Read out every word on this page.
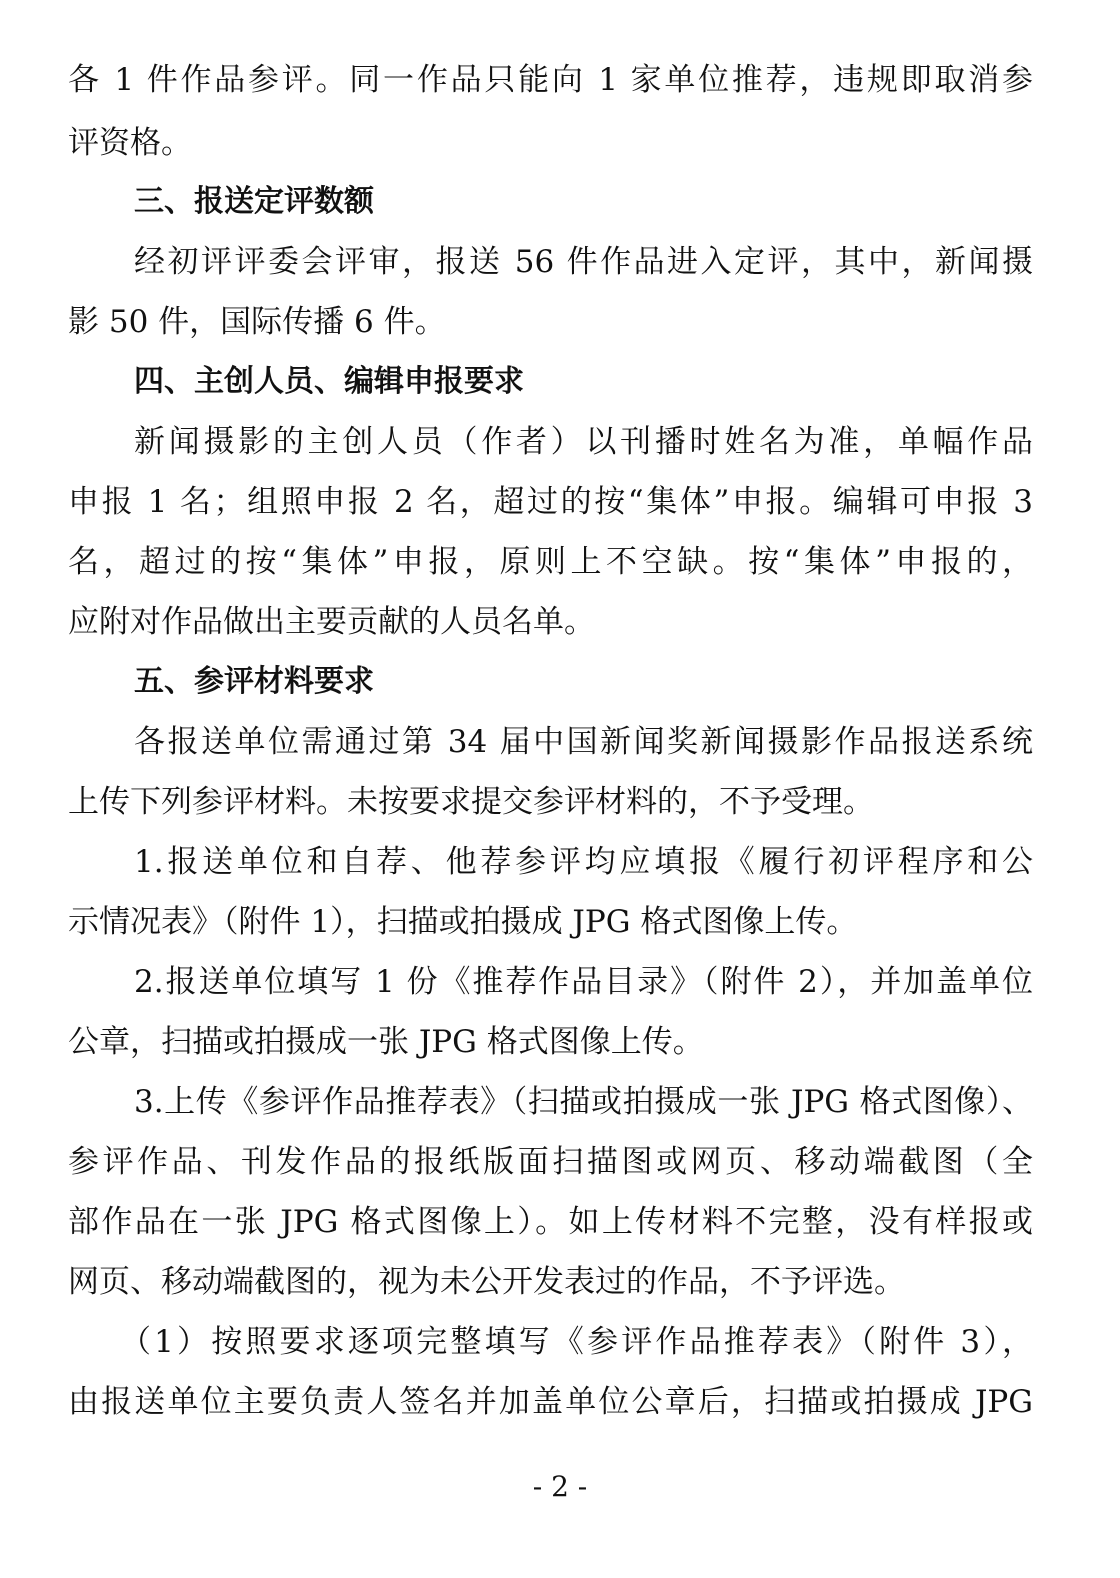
各 1 件作品参评。同一作品只能向 1 家单位推荐，违规即取消参
评资格。
三、报送定评数额
经初评评委会评审，报送 56 件作品进入定评，其中，新闻摄
影 50 件，国际传播 6 件。
四、主创人员、编辑申报要求
新闻摄影的主创人员（作者）以刊播时姓名为准，单幅作品
申报 1 名；组照申报 2 名，超过的按“集体”申报。编辑可申报 3
名，超过的按“集体”申报，原则上不空缺。按“集体”申报的，
应附对作品做出主要贡献的人员名单。
五、参评材料要求
各报送单位需通过第 34 届中国新闻奖新闻摄影作品报送系统
上传下列参评材料。未按要求提交参评材料的，不予受理。
1.报送单位和自荐、他荐参评均应填报《履行初评程序和公
示情况表》（附件 1），扫描或拍摄成 JPG 格式图像上传。
2.报送单位填写 1 份《推荐作品目录》（附件 2），并加盖单位
公章，扫描或拍摄成一张 JPG 格式图像上传。
3.上传《参评作品推荐表》（扫描或拍摄成一张 JPG 格式图像）、
参评作品、刊发作品的报纸版面扫描图或网页、移动端截图（全
部作品在一张 JPG 格式图像上）。如上传材料不完整，没有样报或
网页、移动端截图的，视为未公开发表过的作品，不予评选。
（1）按照要求逐项完整填写《参评作品推荐表》（附件 3），
由报送单位主要负责人签名并加盖单位公章后，扫描或拍摄成 JPG
- 2 -
